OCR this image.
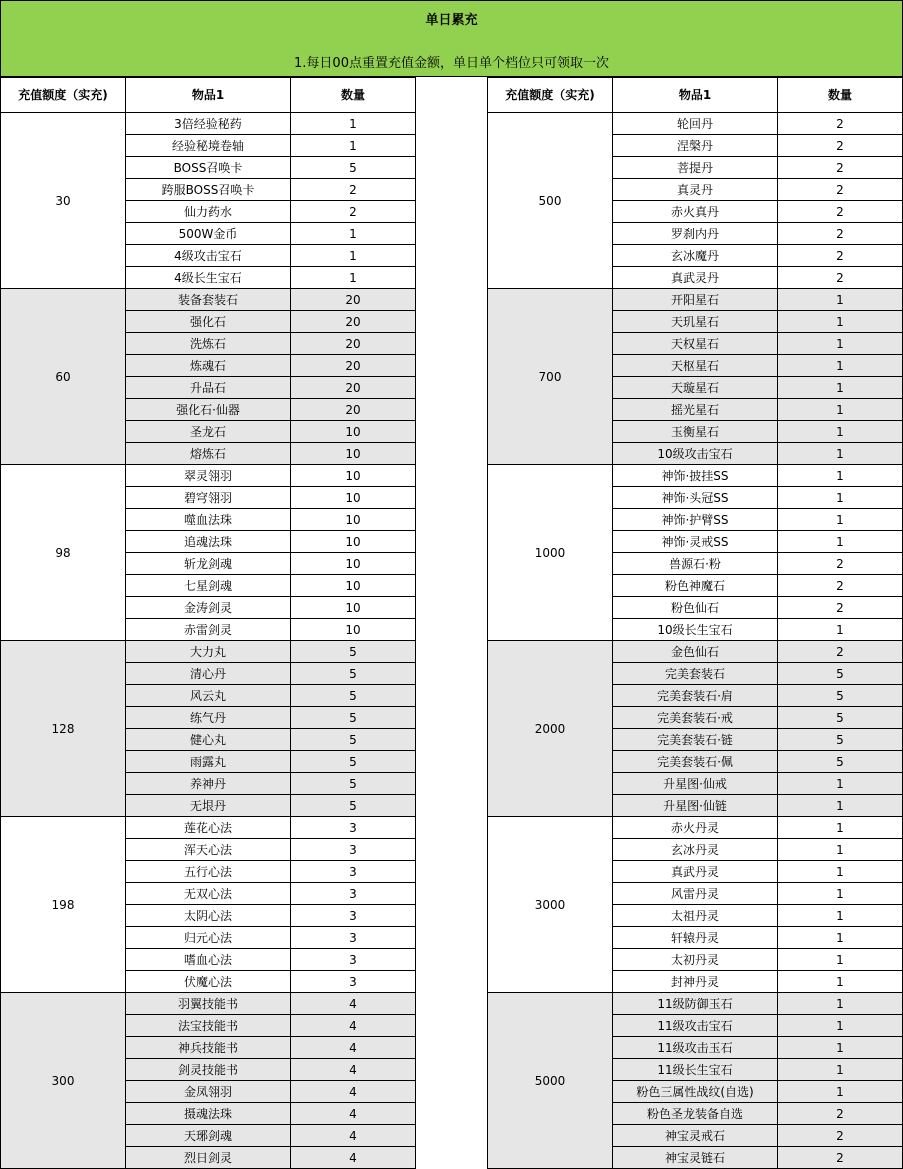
单日累充
1.每日00点重置充值金额，单日单个档位只可领取一次
充值额度（实充)	物品1	数量
30	3倍经验秘药	1
	经验秘境卷轴	1
	BOSS召唤卡	5
	跨服BOSS召唤卡	2
	仙力药水	2
	500W金币	1
	4级攻击宝石	1
	4级长生宝石	1
60	装备套装石	20
	强化石	20
	洗炼石	20
	炼魂石	20
	升品石	20
	强化石·仙器	20
	圣龙石	10
	熔炼石	10
98	翠灵翎羽	10
	碧穹翎羽	10
	噬血法珠	10
	追魂法珠	10
	斩龙剑魂	10
	七星剑魂	10
	金涛剑灵	10
	赤雷剑灵	10
128	大力丸	5
	清心丹	5
	风云丸	5
	练气丹	5
	健心丸	5
	雨露丸	5
	养神丹	5
	无垠丹	5
198	莲花心法	3
	浑天心法	3
	五行心法	3
	无双心法	3
	太阴心法	3
	归元心法	3
	嗜血心法	3
	伏魔心法	3
300	羽翼技能书	4
	法宝技能书	4
	神兵技能书	4
	剑灵技能书	4
	金凤翎羽	4
	摄魂法珠	4
	天琊剑魂	4
	烈日剑灵	4
充值额度（实充)	物品1	数量
500	轮回丹	2
	涅槃丹	2
	菩提丹	2
	真灵丹	2
	赤火真丹	2
	罗刹内丹	2
	玄冰魔丹	2
	真武灵丹	2
700	开阳星石	1
	天玑星石	1
	天权星石	1
	天枢星石	1
	天璇星石	1
	摇光星石	1
	玉衡星石	1
	10级攻击宝石	1
1000	神饰·披挂SS	1
	神饰·头冠SS	1
	神饰·护臂SS	1
	神饰·灵戒SS	1
	兽源石·粉	2
	粉色神魔石	2
	粉色仙石	2
	10级长生宝石	1
2000	金色仙石	2
	完美套装石	5
	完美套装石·肩	5
	完美套装石·戒	5
	完美套装石·链	5
	完美套装石·佩	5
	升星图·仙戒	1
	升星图·仙链	1
3000	赤火丹灵	1
	玄冰丹灵	1
	真武丹灵	1
	风雷丹灵	1
	太祖丹灵	1
	轩辕丹灵	1
	太初丹灵	1
	封神丹灵	1
5000	11级防御玉石	1
	11级攻击宝石	1
	11级攻击玉石	1
	11级长生宝石	1
	粉色三属性战纹(自选)	1
	粉色圣龙装备自选	2
	神宝灵戒石	2
	神宝灵链石	2
